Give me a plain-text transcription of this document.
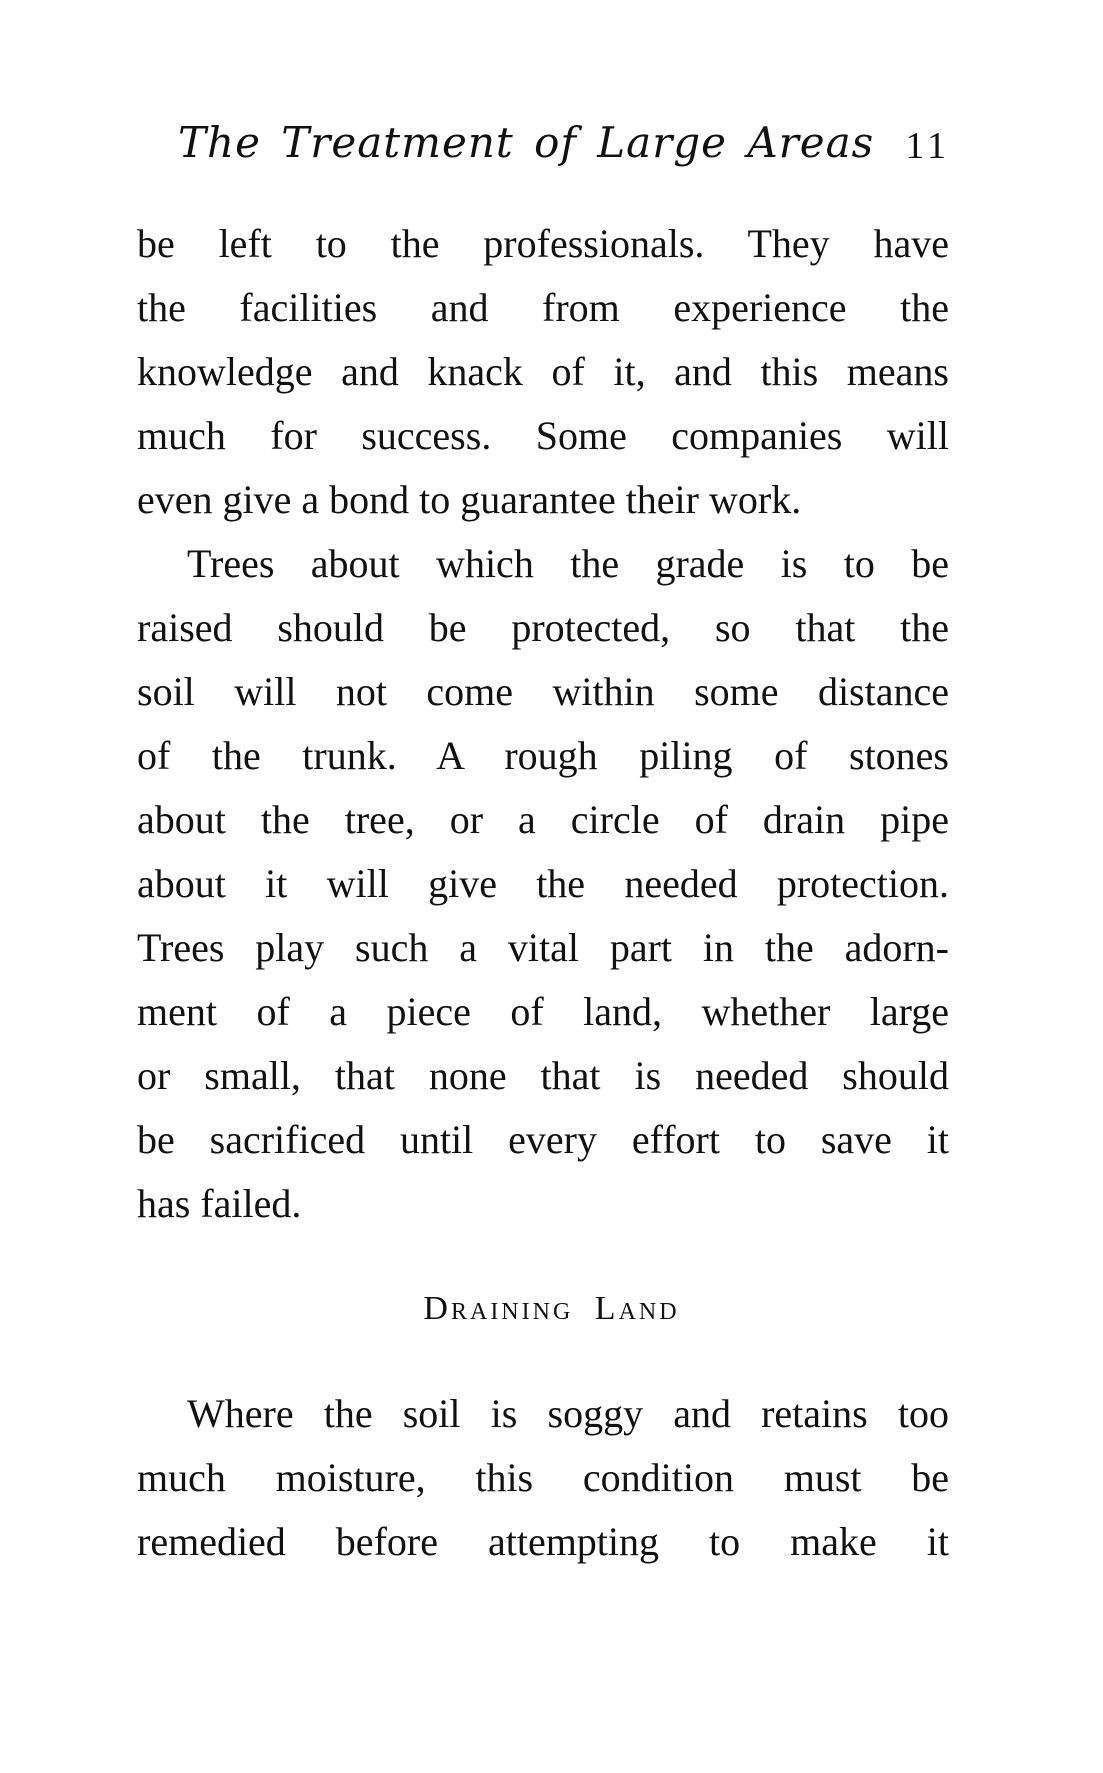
The Treatment of Large Areas 11
be left to the professionals. They have
the facilities and from experience the
knowledge and knack of it, and this means
much for success. Some companies will
even give a bond to guarantee their work.
Trees about which the grade is to be
raised should be protected, so that the
soil will not come within some distance
of the trunk. A rough piling of stones
about the tree, or a circle of drain pipe
about it will give the needed protection.
Trees play such a vital part in the adorn-
ment of a piece of land, whether large
or small, that none that is needed should
be sacrificed until every effort to save it
has failed.
Draining Land
Where the soil is soggy and retains too
much moisture, this condition must be
remedied before attempting to make it
